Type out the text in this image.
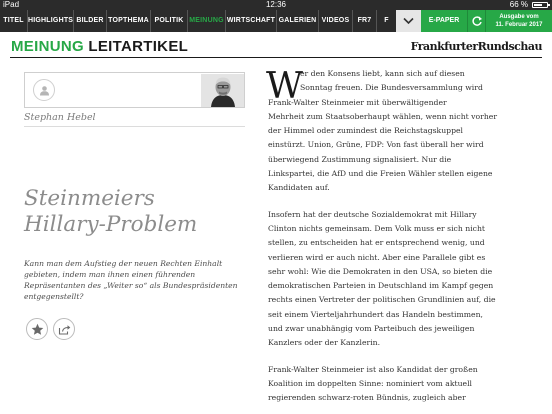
iPad	12:36	66 %
TITEL HIGHLIGHTS BILDER TOPTHEMA POLITIK MEINUNG WIRTSCHAFT GALERIEN VIDEOS	FR7	F	E-PAPER	Ausgabe vom
11. Februar 2017
MEINUNG LEITARTIKEL	FrankfurterRundschau
Stephan Hebel
Steinmeiers
Hillary-Problem
Kann man dem Aufstieg der neuen Rechten Einhalt gebieten, indem man ihnen einen führenden Repräsentanten des „Weiter so“ als Bundespräsidenten entgegenstellt?
W
er den Konsens liebt, kann sich auf diesen
Sonntag freuen. Die Bundesversammlung wird
Frank-Walter Steinmeier mit überwältigender
Mehrheit zum Staatsoberhaupt wählen, wenn nicht vorher
der Himmel oder zumindest die Reichstagskuppel
einstürzt. Union, Grüne, FDP: Von fast überall her wird
überwiegend Zustimmung signalisiert. Nur die
Linkspartei, die AfD und die Freien Wähler stellen eigene
Kandidaten auf.
Insofern hat der deutsche Sozialdemokrat mit Hillary
Clinton nichts gemeinsam. Dem Volk muss er sich nicht
stellen, zu entscheiden hat er entsprechend wenig, und
verlieren wird er auch nicht. Aber eine Parallele gibt es
sehr wohl: Wie die Demokraten in den USA, so bieten die
demokratischen Parteien in Deutschland im Kampf gegen
rechts einen Vertreter der politischen Grundlinien auf, die
seit einem Vierteljahrhundert das Handeln bestimmen,
und zwar unabhängig vom Parteibuch des jeweiligen
Kanzlers oder der Kanzlerin.
Frank-Walter Steinmeier ist also Kandidat der großen
Koalition im doppelten Sinne: nominiert vom aktuell
regierenden schwarz-roten Bündnis, zugleich aber
